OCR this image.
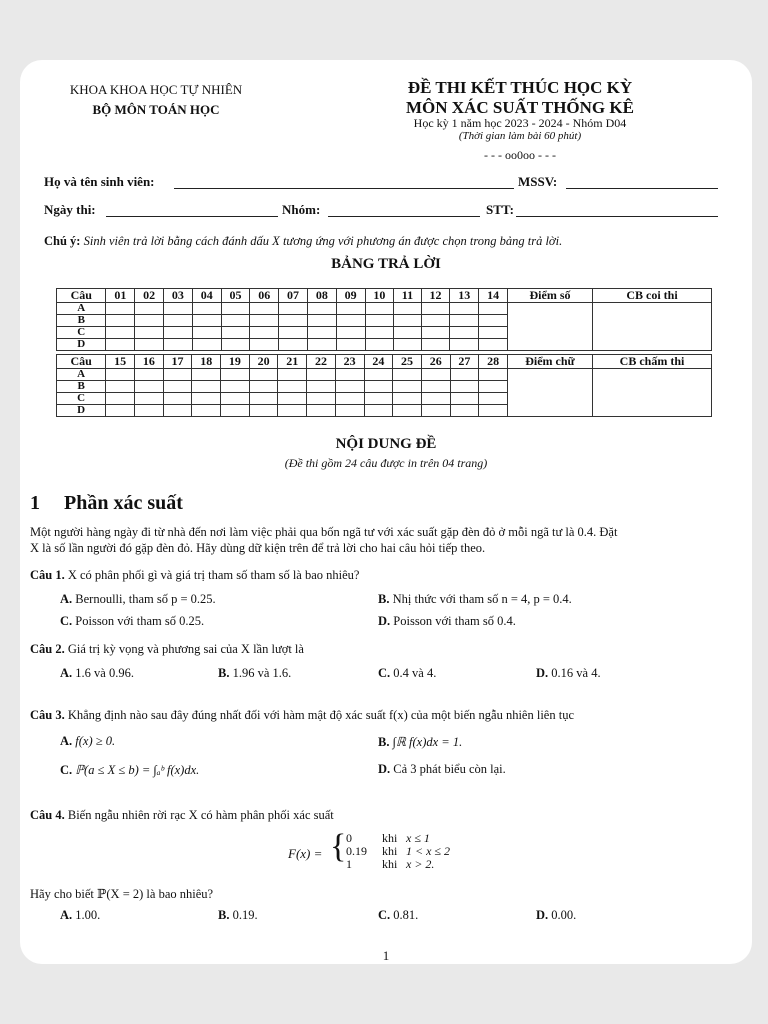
KHOA KHOA HỌC TỰ NHIÊN
BỘ MÔN TOÁN HỌC
ĐỀ THI KẾT THÚC HỌC KỲ
MÔN XÁC SUẤT THỐNG KÊ
Học kỳ 1 năm học 2023 - 2024 - Nhóm D04
(Thời gian làm bài 60 phút)
- - - oo0oo - - -
Họ và tên sinh viên:	MSSV:
Ngày thi:	Nhóm:	STT:
Chú ý: Sinh viên trả lời bằng cách đánh dấu X tương ứng với phương án được chọn trong bảng trả lời.
BẢNG TRẢ LỜI
Câu	01	02	03	04	05	06	07	08	09	10	11	12	13	14	Điểm số	CB coi thi
A																
B																
C																
D																
Câu	15	16	17	18	19	20	21	22	23	24	25	26	27	28	Điểm chữ	CB chấm thi
A																
B																
C																
D																
NỘI DUNG ĐỀ
(Đề thi gồm 24 câu được in trên 04 trang)
1 Phần xác suất
Một người hàng ngày đi từ nhà đến nơi làm việc phải qua bốn ngã tư với xác suất gặp đèn đỏ ở mỗi ngã tư là 0.4. Đặt
X là số lần người đó gặp đèn đỏ. Hãy dùng dữ kiện trên để trả lời cho hai câu hỏi tiếp theo.
Câu 1. X có phân phối gì và giá trị tham số tham số là bao nhiêu?
A. Bernoulli, tham số p = 0.25.	B. Nhị thức với tham số n = 4, p = 0.4.
C. Poisson với tham số 0.25.	D. Poisson với tham số 0.4.
Câu 2. Giá trị kỳ vọng và phương sai của X lần lượt là
A. 1.6 và 0.96.	B. 1.96 và 1.6.	C. 0.4 và 4.	D. 0.16 và 4.
Câu 3. Khẳng định nào sau đây đúng nhất đối với hàm mật độ xác suất f(x) của một biến ngẫu nhiên liên tục
A. f(x) ≥ 0.	B. ∫ℝ f(x)dx = 1.
C. ℙ(a ≤ X ≤ b) = ∫ₐᵇ f(x)dx.	D. Cả 3 phát biểu còn lại.
Câu 4. Biến ngẫu nhiên rời rạc X có hàm phân phối xác suất
F(x) = { 0	khi x ≤ 1
0.19 khi 1 < x ≤ 2
1	khi x > 2.
Hãy cho biết ℙ(X = 2) là bao nhiêu?
A. 1.00.	B. 0.19.	C. 0.81.	D. 0.00.
1
